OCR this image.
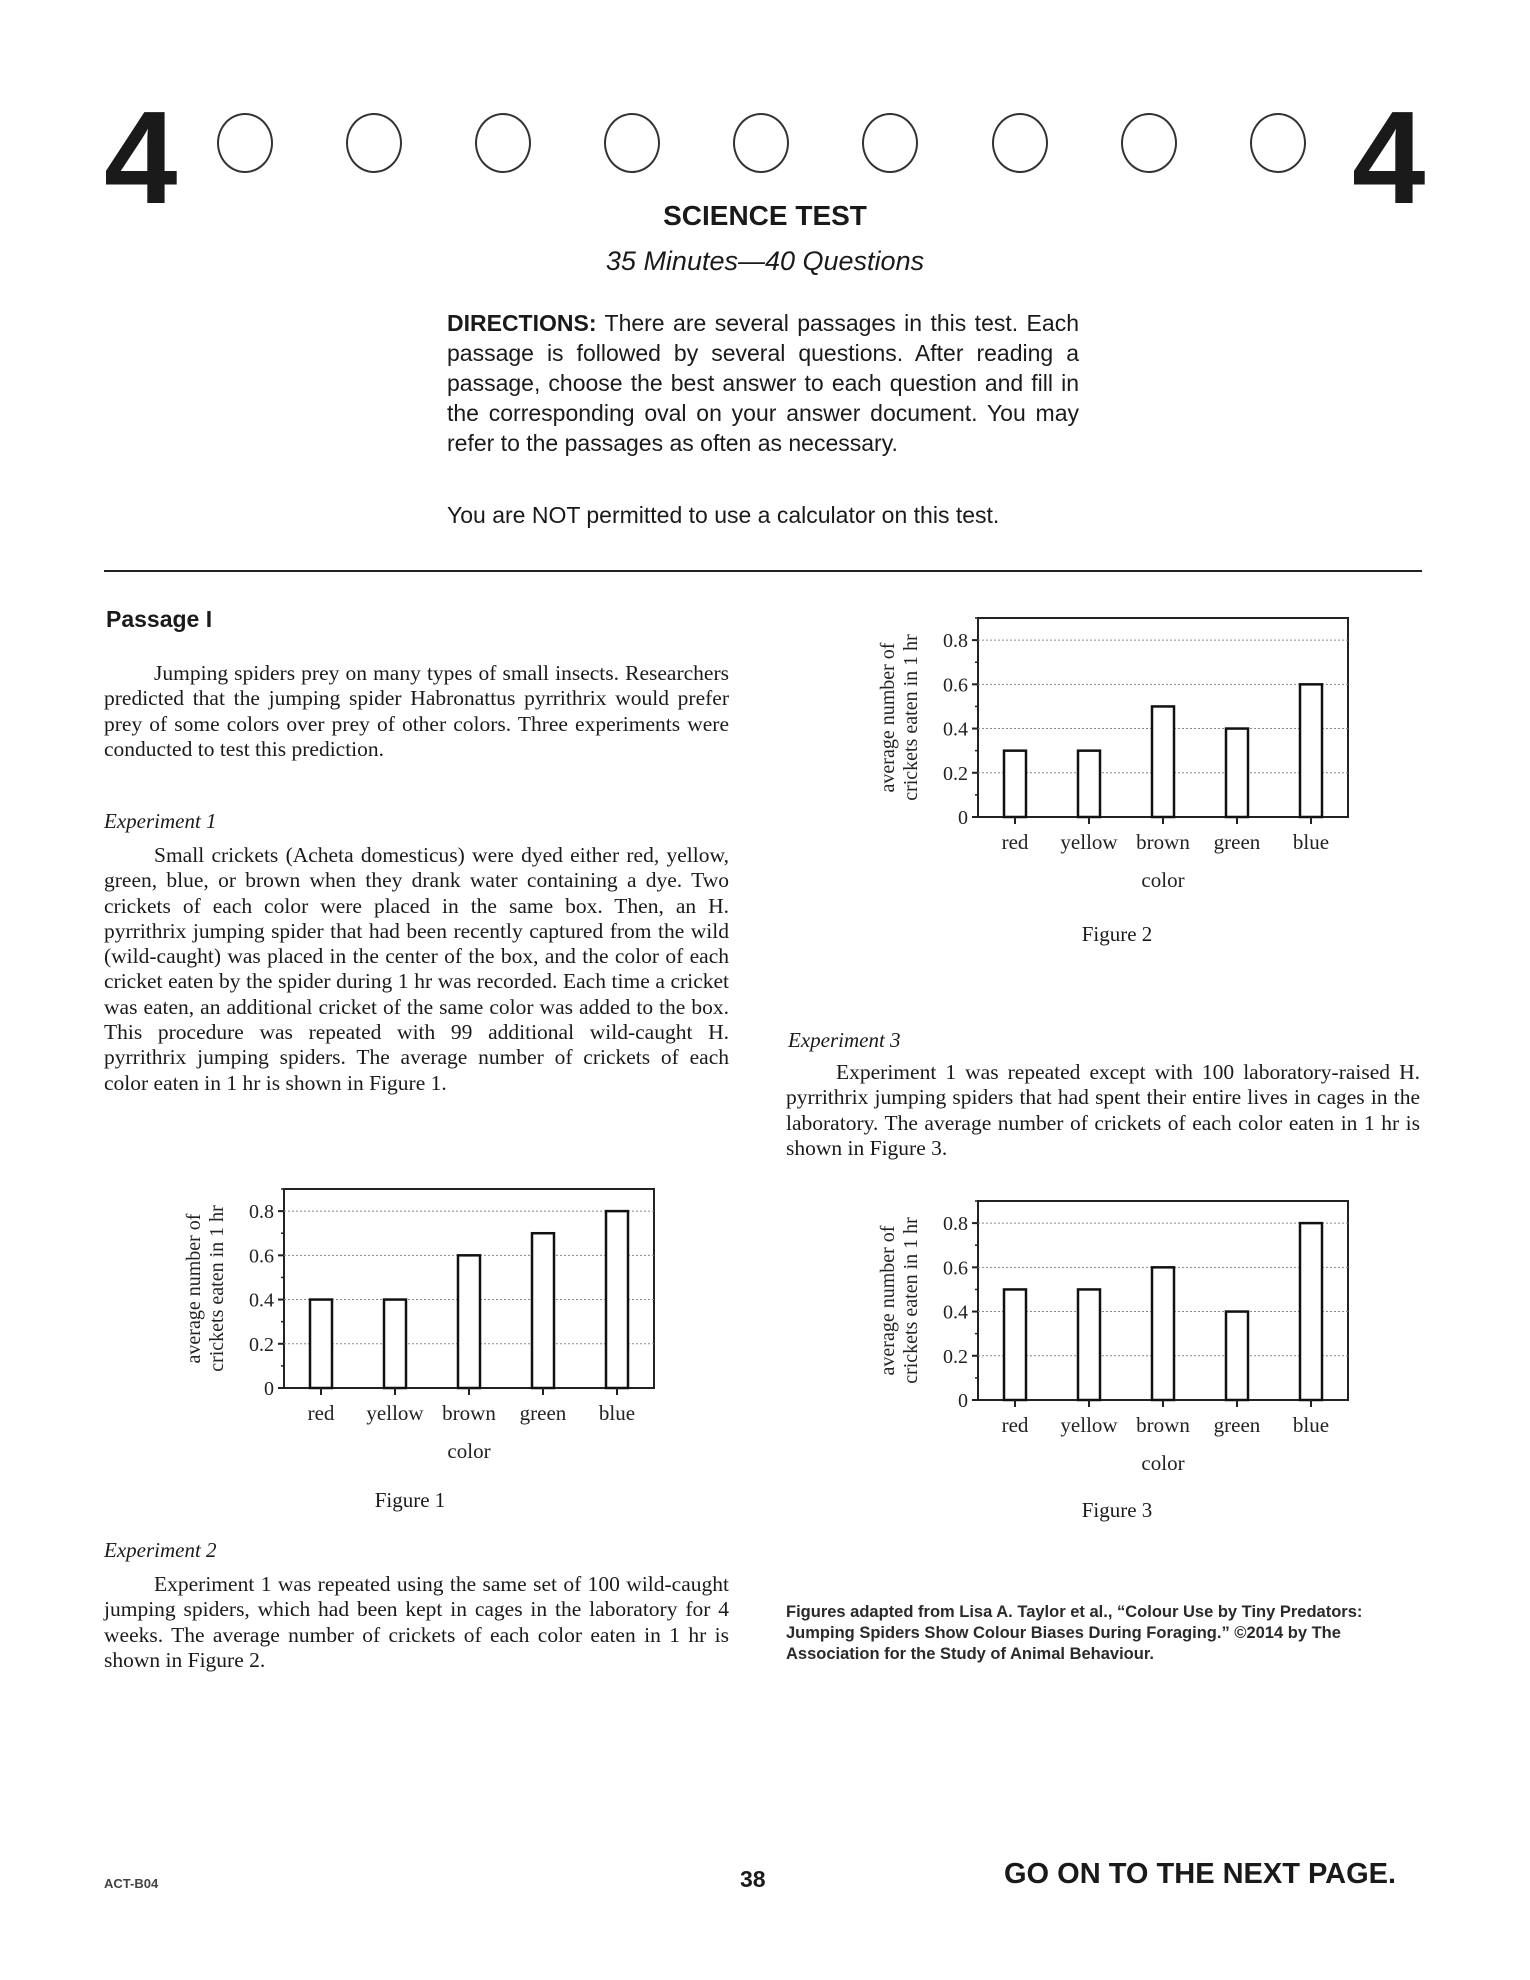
4	4
SCIENCE TEST
35 Minutes—40 Questions
DIRECTIONS: There are several passages in this test. Each passage is followed by several questions. After reading a passage, choose the best answer to each question and fill in the corresponding oval on your answer document. You may refer to the passages as often as necessary.
You are NOT permitted to use a calculator on this test.
Passage I
Jumping spiders prey on many types of small insects. Researchers predicted that the jumping spider Habronattus pyrrithrix would prefer prey of some colors over prey of other colors. Three experiments were conducted to test this prediction.
Experiment 1
Small crickets (Acheta domesticus) were dyed either red, yellow, green, blue, or brown when they drank water containing a dye. Two crickets of each color were placed in the same box. Then, an H. pyrrithrix jumping spider that had been recently captured from the wild (wild-caught) was placed in the center of the box, and the color of each cricket eaten by the spider during 1 hr was recorded. Each time a cricket was eaten, an additional cricket of the same color was added to the box. This procedure was repeated with 99 additional wild-caught H. pyrrithrix jumping spiders. The average number of crickets of each color eaten in 1 hr is shown in Figure 1.
0
0.2
0.4
0.6
0.8
red yellow brown green blue
color
average number of crickets eaten in 1 hr
Figure 1
Experiment 2
Experiment 1 was repeated using the same set of 100 wild-caught jumping spiders, which had been kept in cages in the laboratory for 4 weeks. The average number of crickets of each color eaten in 1 hr is shown in Figure 2.
0
0.2
0.4
0.6
0.8
red yellow brown green blue
color
average number of crickets eaten in 1 hr
Figure 2
Experiment 3
Experiment 1 was repeated except with 100 laboratory-raised H. pyrrithrix jumping spiders that had spent their entire lives in cages in the laboratory. The average number of crickets of each color eaten in 1 hr is shown in Figure 3.
0
0.2
0.4
0.6
0.8
red yellow brown green blue
color
average number of crickets eaten in 1 hr
Figure 3
Figures adapted from Lisa A. Taylor et al., “Colour Use by Tiny Predators: Jumping Spiders Show Colour Biases During Foraging.” ©2014 by The Association for the Study of Animal Behaviour.
ACT-B04	38	GO ON TO THE NEXT PAGE.
